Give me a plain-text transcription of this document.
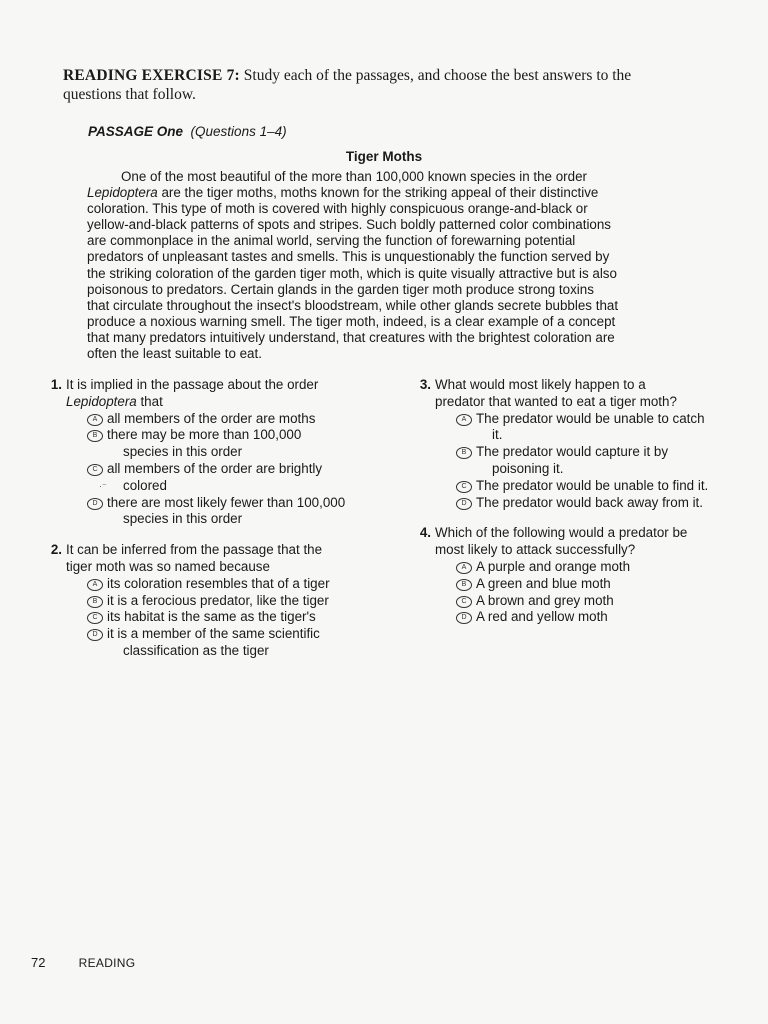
READING EXERCISE 7: Study each of the passages, and choose the best answers to the
questions that follow.
PASSAGE One (Questions 1–4)
Tiger Moths
One of the most beautiful of the more than 100,000 known species in the order
Lepidoptera are the tiger moths, moths known for the striking appeal of their distinctive
coloration. This type of moth is covered with highly conspicuous orange-and-black or
yellow-and-black patterns of spots and stripes. Such boldly patterned color combinations
are commonplace in the animal world, serving the function of forewarning potential
predators of unpleasant tastes and smells. This is unquestionably the function served by
the striking coloration of the garden tiger moth, which is quite visually attractive but is also
poisonous to predators. Certain glands in the garden tiger moth produce strong toxins
that circulate throughout the insect's bloodstream, while other glands secrete bubbles that
produce a noxious warning smell. The tiger moth, indeed, is a clear example of a concept
that many predators intuitively understand, that creatures with the brightest coloration are
often the least suitable to eat.
1. It is implied in the passage about the order
Lepidoptera that
A all members of the order are moths
B there may be more than 100,000
species in this order
C all members of the order are brightly
colored
D there are most likely fewer than 100,000
species in this order
2. It can be inferred from the passage that the
tiger moth was so named because
A its coloration resembles that of a tiger
B it is a ferocious predator, like the tiger
C its habitat is the same as the tiger's
D it is a member of the same scientific
classification as the tiger
3. What would most likely happen to a
predator that wanted to eat a tiger moth?
A The predator would be unable to catch
it.
B The predator would capture it by
poisoning it.
C The predator would be unable to find it.
D The predator would back away from it.
4. Which of the following would a predator be
most likely to attack successfully?
A A purple and orange moth
B A green and blue moth
C A brown and grey moth
D A red and yellow moth
·⁻
72	READING
